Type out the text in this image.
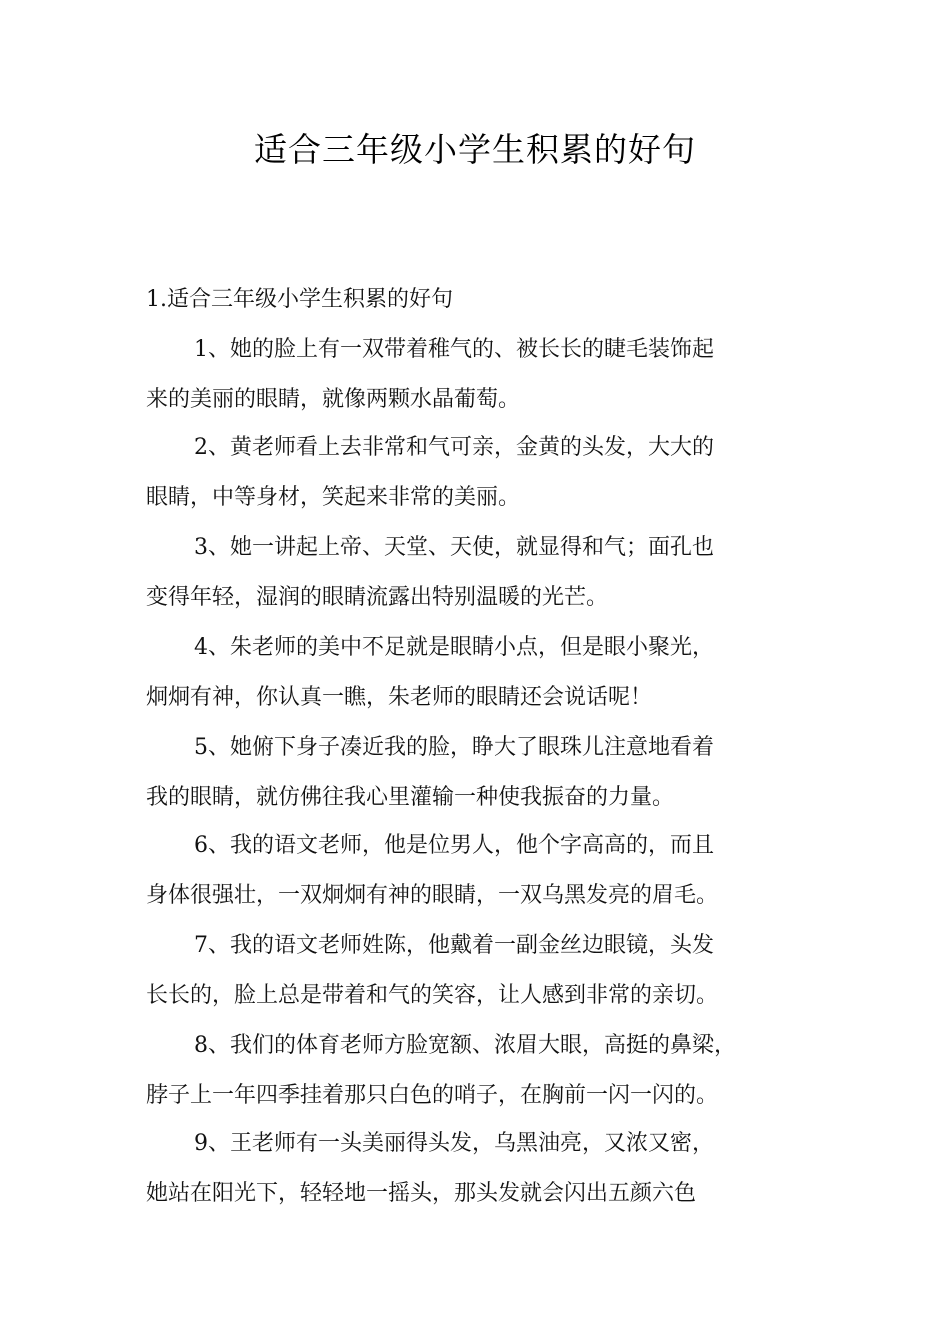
适合三年级小学生积累的好句
1.适合三年级小学生积累的好句
1、她的脸上有一双带着稚气的、被长长的睫毛装饰起
来的美丽的眼睛，就像两颗水晶葡萄。
2、黄老师看上去非常和气可亲，金黄的头发，大大的
眼睛，中等身材，笑起来非常的美丽。
3、她一讲起上帝、天堂、天使，就显得和气；面孔也
变得年轻，湿润的眼睛流露出特别温暖的光芒。
4、朱老师的美中不足就是眼睛小点，但是眼小聚光，
炯炯有神，你认真一瞧，朱老师的眼睛还会说话呢！
5、她俯下身子凑近我的脸，睁大了眼珠儿注意地看着
我的眼睛，就仿佛往我心里灌输一种使我振奋的力量。
6、我的语文老师，他是位男人，他个字高高的，而且
身体很强壮，一双炯炯有神的眼睛，一双乌黑发亮的眉毛。
7、我的语文老师姓陈，他戴着一副金丝边眼镜，头发
长长的，脸上总是带着和气的笑容，让人感到非常的亲切。
8、我们的体育老师方脸宽额、浓眉大眼，高挺的鼻梁，
脖子上一年四季挂着那只白色的哨子，在胸前一闪一闪的。
9、王老师有一头美丽得头发，乌黑油亮，又浓又密，
她站在阳光下，轻轻地一摇头，那头发就会闪出五颜六色
